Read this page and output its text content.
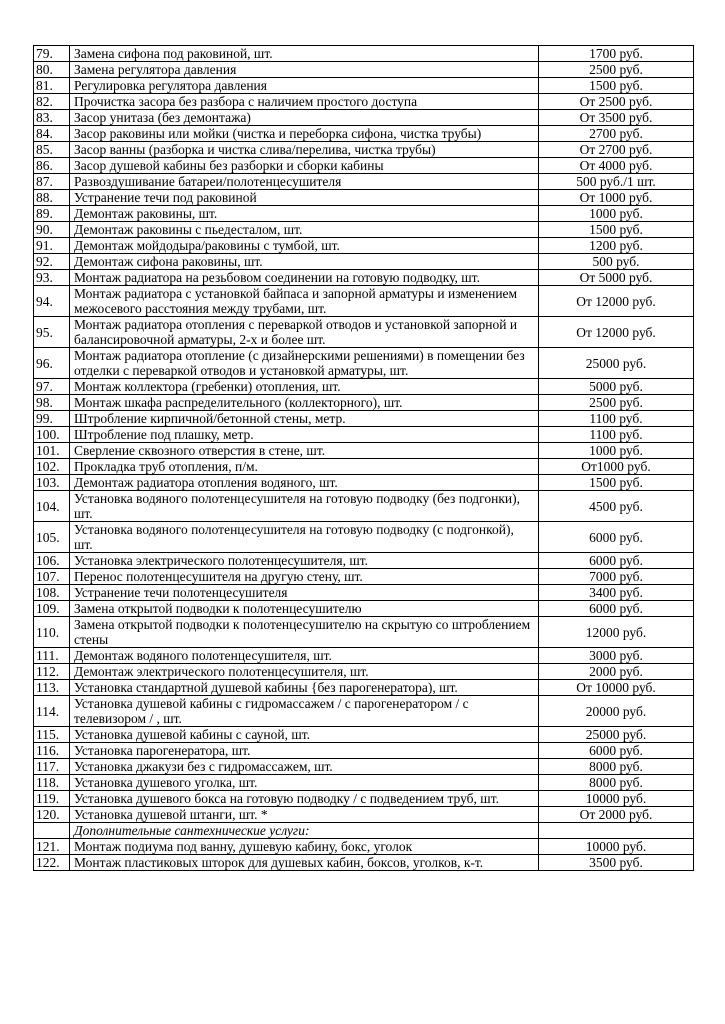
79.	Замена сифона под раковиной, шт.	1700 руб.
80.	Замена регулятора давления	2500 руб.
81.	Регулировка регулятора давления	1500 руб.
82.	Прочистка засора без разбора с наличием простого доступа	От 2500 руб.
83.	Засор унитаза (без демонтажа)	От 3500 руб.
84.	Засор раковины или мойки (чистка и переборка сифона, чистка трубы)	2700 руб.
85.	Засор ванны (разборка и чистка слива/перелива, чистка трубы)	От 2700 руб.
86.	Засор душевой кабины без разборки и сборки кабины	От 4000 руб.
87.	Развоздушивание батареи/полотенцесушителя	500 руб./1 шт.
88.	Устранение течи под раковиной	От 1000 руб.
89.	Демонтаж раковины, шт.	1000 руб.
90.	Демонтаж раковины с пьедесталом, шт.	1500 руб.
91.	Демонтаж мойдодыра/раковины с тумбой, шт.	1200 руб.
92.	Демонтаж сифона раковины, шт.	500 руб.
93.	Монтаж радиатора на резьбовом соединении на готовую подводку, шт.	От 5000 руб.
94.	Монтаж радиатора с установкой байпаса и запорной арматуры и изменением межосевого расстояния между трубами, шт.	От 12000 руб.
95.	Монтаж радиатора отопления с переваркой отводов и установкой запорной и балансировочной арматуры, 2-х и более шт.	От 12000 руб.
96.	Монтаж радиатора отопление (с дизайнерскими решениями) в помещении без отделки с переваркой отводов и установкой арматуры, шт.	25000 руб.
97.	Монтаж коллектора (гребенки) отопления, шт.	5000 руб.
98.	Монтаж шкафа распределительного (коллекторного), шт.	2500 руб.
99.	Штробление кирпичной/бетонной стены, метр.	1100 руб.
100.	Штробление под плашку, метр.	1100 руб.
101.	Сверление сквозного отверстия в стене, шт.	1000 руб.
102.	Прокладка труб отопления, п/м.	От1000 руб.
103.	Демонтаж радиатора отопления водяного, шт.	1500 руб.
104.	Установка водяного полотенцесушителя на готовую подводку (без подгонки), шт.	4500 руб.
105.	Установка водяного полотенцесушителя на готовую подводку (с подгонкой), шт.	6000 руб.
106.	Установка электрического полотенцесушителя, шт.	6000 руб.
107.	Перенос полотенцесушителя на другую стену, шт.	7000 руб.
108.	Устранение течи полотенцесушителя	3400 руб.
109.	Замена открытой подводки к полотенцесушителю	6000 руб.
110.	Замена открытой подводки к полотенцесушителю на скрытую со штроблением стены	12000 руб.
111.	Демонтаж водяного полотенцесушителя, шт.	3000 руб.
112.	Демонтаж электрического полотенцесушителя, шт.	2000 руб.
113.	Установка стандартной душевой кабины {без парогенератора), шт.	От 10000 руб.
114.	Установка душевой кабины с гидромассажем / с парогенератором / с телевизором / , шт.	20000 руб.
115.	Установка душевой кабины с сауной, шт.	25000 руб.
116.	Установка парогенератора, шт.	6000 руб.
117.	Установка джакузи без с гидромассажем, шт.	8000 руб.
118.	Установка душевого уголка, шт.	8000 руб.
119.	Установка душевого бокса на готовую подводку / с подведением труб, шт.	10000 руб.
120.	Установка душевой штанги, шт. *	От 2000 руб.
	Дополнительные сантехнические услуги:	
121.	Монтаж подиума под ванну, душевую кабину, бокс, уголок	10000 руб.
122.	Монтаж пластиковых шторок для душевых кабин, боксов, уголков, к-т.	3500 руб.
